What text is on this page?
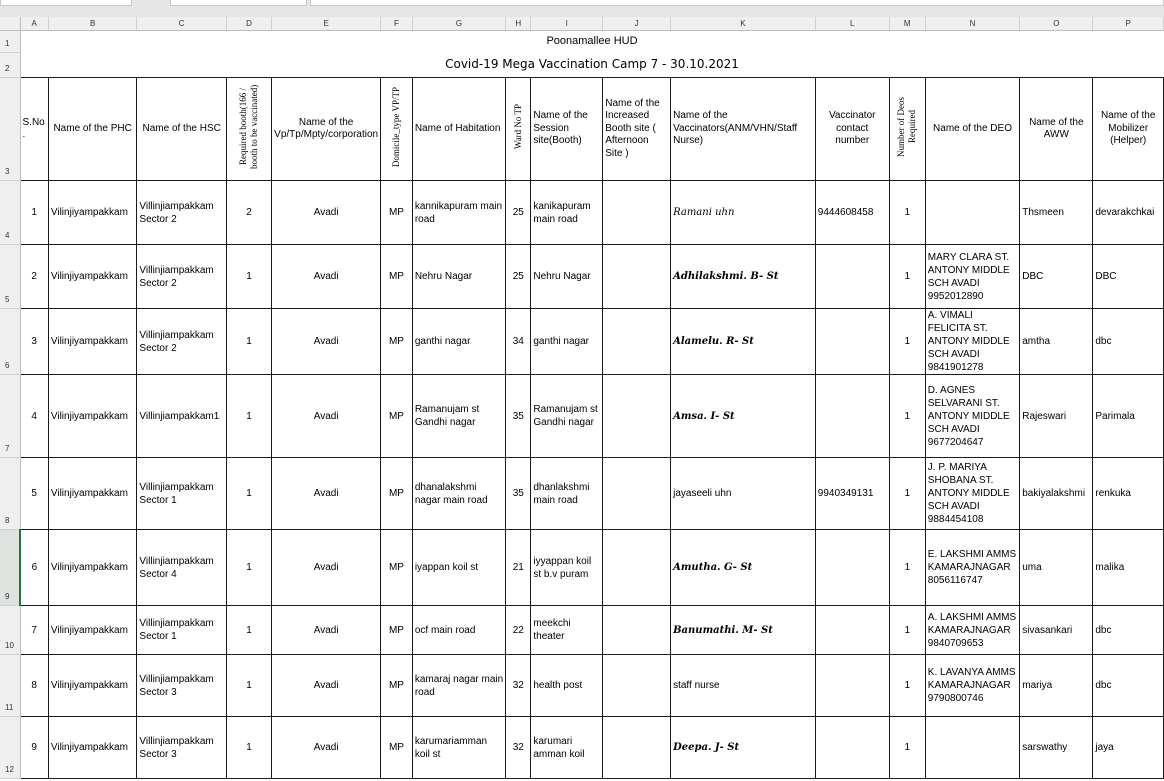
	A	B	C	D	E	F	G	H	I	J	K	L	M	N	O	P
1	Poonamallee HUD															
2	Covid-19 Mega Vaccination Camp 7 - 30.10.2021															
3	S.No .	Name of the PHC	Name of the HSC	Required booth(166 / booth to be vaccinated)	Name of the Vp/Tp/Mpty/corporation	Domicile_type VP/TP	Name of Habitation	Ward No TP	Name of the Session site(Booth)	Name of the Increased Booth site ( Afternoon Site )	Name of the Vaccinators(ANM/VHN/Staff Nurse)	Vaccinator contact number	Number of Deos Required	Name of the DEO	Name of the AWW	Name of the Mobilizer (Helper)
4	1	Vilinjiyampakkam	Villinjiampakkam Sector 2	2	Avadi	MP	kannikapuram main road	25	kanikapuram main road		Ramani uhn	9444608458	1		Thsmeen	devarakchkai
5	2	Vilinjiyampakkam	Villinjiampakkam Sector 2	1	Avadi	MP	Nehru Nagar	25	Nehru Nagar		Adhilakshmi. B- St		1	MARY CLARA ST. ANTONY MIDDLE SCH AVADI 9952012890	DBC	DBC
6	3	Vilinjiyampakkam	Villinjiampakkam Sector 2	1	Avadi	MP	ganthi nagar	34	ganthi nagar		Alamelu. R- St		1	A. VIMALI FELICITA ST. ANTONY MIDDLE SCH AVADI 9841901278	amtha	dbc
7	4	Vilinjiyampakkam	Villinjiampakkam1	1	Avadi	MP	Ramanujam st Gandhi nagar	35	Ramanujam st Gandhi nagar		Amsa. I- St		1	D. AGNES SELVARANI ST. ANTONY MIDDLE SCH AVADI 9677204647	Rajeswari	Parimala
8	5	Vilinjiyampakkam	Villinjiampakkam Sector 1	1	Avadi	MP	dhanalakshmi nagar main road	35	dhanlakshmi main road		jayaseeli uhn	9940349131	1	J. P. MARIYA SHOBANA ST. ANTONY MIDDLE SCH AVADI 9884454108	bakiyalakshmi	renkuka
9	6	Vilinjiyampakkam	Villinjiampakkam Sector 4	1	Avadi	MP	iyappan koil st	21	iyyappan koil st b.v puram		Amutha. G- St		1	E. LAKSHMI AMMS KAMARAJNAGAR 8056116747	uma	malika
10	7	Vilinjiyampakkam	Villinjiampakkam Sector 1	1	Avadi	MP	ocf main road	22	meekchi theater		Banumathi. M- St		1	A. LAKSHMI AMMS KAMARAJNAGAR 9840709653	sivasankari	dbc
11	8	Vilinjiyampakkam	Villinjiampakkam Sector 3	1	Avadi	MP	kamaraj nagar main road	32	health post		staff nurse		1	K. LAVANYA AMMS KAMARAJNAGAR 9790800746	mariya	dbc
12	9	Vilinjiyampakkam	Villinjiampakkam Sector 3	1	Avadi	MP	karumariamman koil st	32	karumari amman koil		Deepa. J- St		1		sarswathy	jaya
